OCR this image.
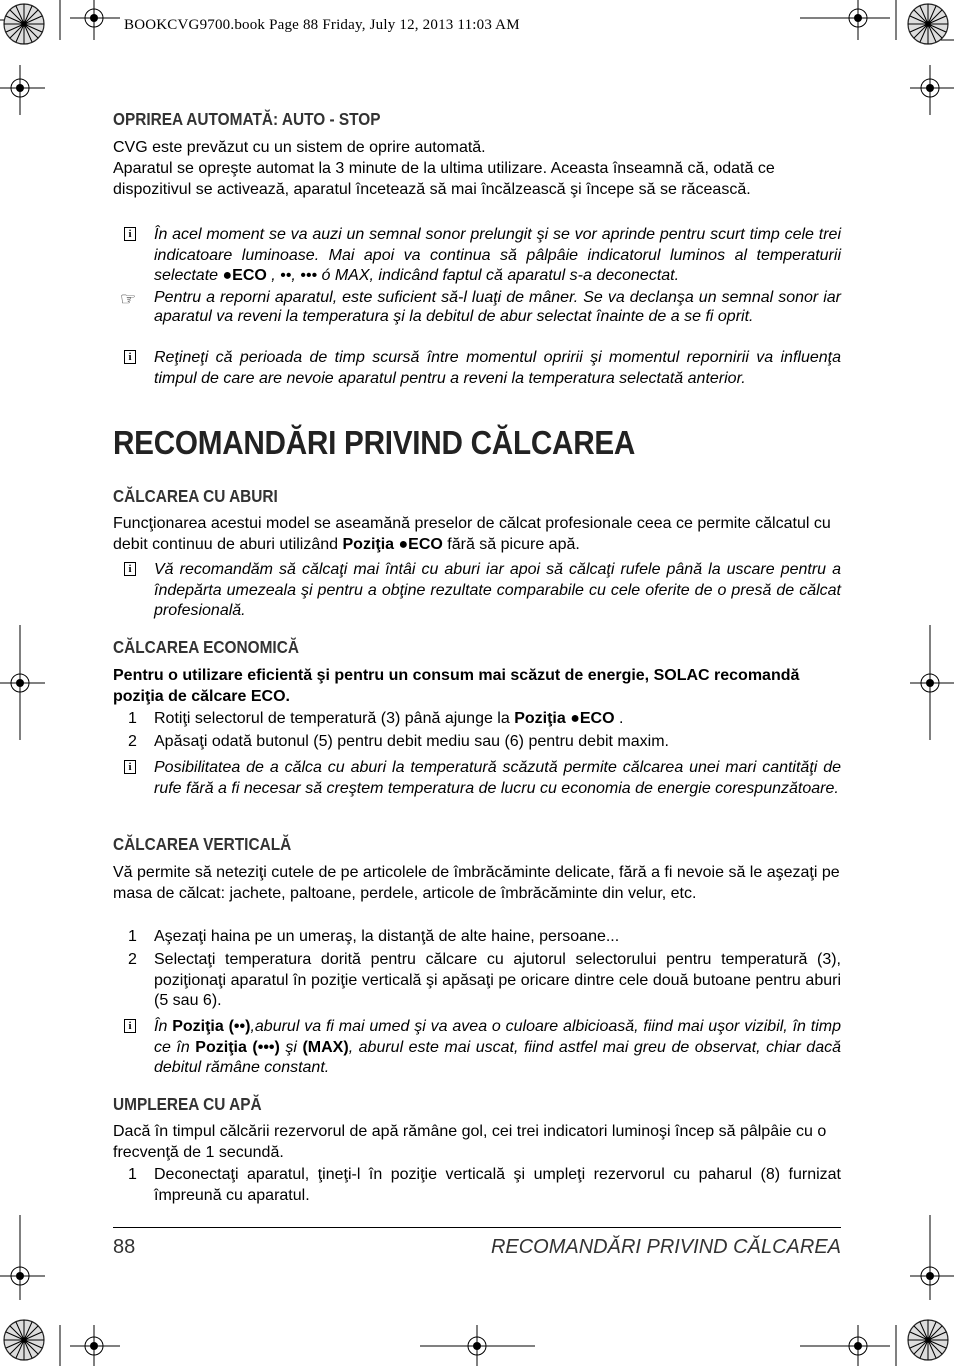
BOOKCVG9700.book Page 88 Friday, July 12, 2013 11:03 AM
OPRIREA AUTOMATĂ: AUTO - STOP
CVG este prevăzut cu un sistem de oprire automată.
Aparatul se opreşte automat la 3 minute de la ultima utilizare. Aceasta înseamnă că, odată ce dispozitivul se activează, aparatul încetează să mai încălzească şi începe să se răcească.
i În acel moment se va auzi un semnal sonor prelungit şi se vor aprinde pentru scurt timp cele trei indicatoare luminoase. Mai apoi va continua să pâlpâie indicatorul luminos al temperaturii selectate ●ECO , ••, ••• ó MAX, indicând faptul că aparatul s-a deconectat.
☞ Pentru a reporni aparatul, este suficient să-l luaţi de mâner. Se va declanşa un semnal sonor iar aparatul va reveni la temperatura şi la debitul de abur selectat înainte de a se fi oprit.
i Reţineţi că perioada de timp scursă între momentul opririi şi momentul repornirii va influenţa timpul de care are nevoie aparatul pentru a reveni la temperatura selectată anterior.
RECOMANDĂRI PRIVIND CĂLCAREA
CĂLCAREA CU ABURI
Funcţionarea acestui model se aseamănă preselor de călcat profesionale ceea ce permite călcatul cu debit continuu de aburi utilizând Poziţia ●ECO fără să picure apă.
i Vă recomandăm să călcaţi mai întâi cu aburi iar apoi să călcaţi rufele până la uscare pentru a îndepărta umezeala şi pentru a obţine rezultate comparabile cu cele oferite de o presă de călcat profesională.
CĂLCAREA ECONOMICĂ
Pentru o utilizare eficientă şi pentru un consum mai scăzut de energie, SOLAC recomandă poziţia de călcare ECO.
1 Rotiţi selectorul de temperatură (3) până ajunge la Poziţia ●ECO .
2 Apăsaţi odată butonul (5) pentru debit mediu sau (6) pentru debit maxim.
i Posibilitatea de a călca cu aburi la temperatură scăzută permite călcarea unei mari cantităţi de rufe fără a fi necesar să creştem temperatura de lucru cu economia de energie corespunzătoare.
CĂLCAREA VERTICALĂ
Vă permite să neteziţi cutele de pe articolele de îmbrăcăminte delicate, fără a fi nevoie să le aşezaţi pe masa de călcat: jachete, paltoane, perdele, articole de îmbrăcăminte din velur, etc.
1 Aşezaţi haina pe un umeraş, la distanţă de alte haine, persoane...
2 Selectaţi temperatura dorită pentru călcare cu ajutorul selectorului pentru temperatură (3), poziţionaţi aparatul în poziţie verticală şi apăsaţi pe oricare dintre cele două butoane pentru aburi (5 sau 6).
i În Poziţia (••),aburul va fi mai umed şi va avea o culoare albicioasă, fiind mai uşor vizibil, în timp ce în Poziţia (•••) şi (MAX), aburul este mai uscat, fiind astfel mai greu de observat, chiar dacă debitul rămâne constant.
UMPLEREA CU APĂ
Dacă în timpul călcării rezervorul de apă rămâne gol, cei trei indicatori luminoşi încep să pâlpâie cu o frecvenţă de 1 secundă.
1 Deconectaţi aparatul, ţineţi-l în poziţie verticală şi umpleţi rezervorul cu paharul (8) furnizat împreună cu aparatul.
88	RECOMANDĂRI PRIVIND CĂLCAREA
